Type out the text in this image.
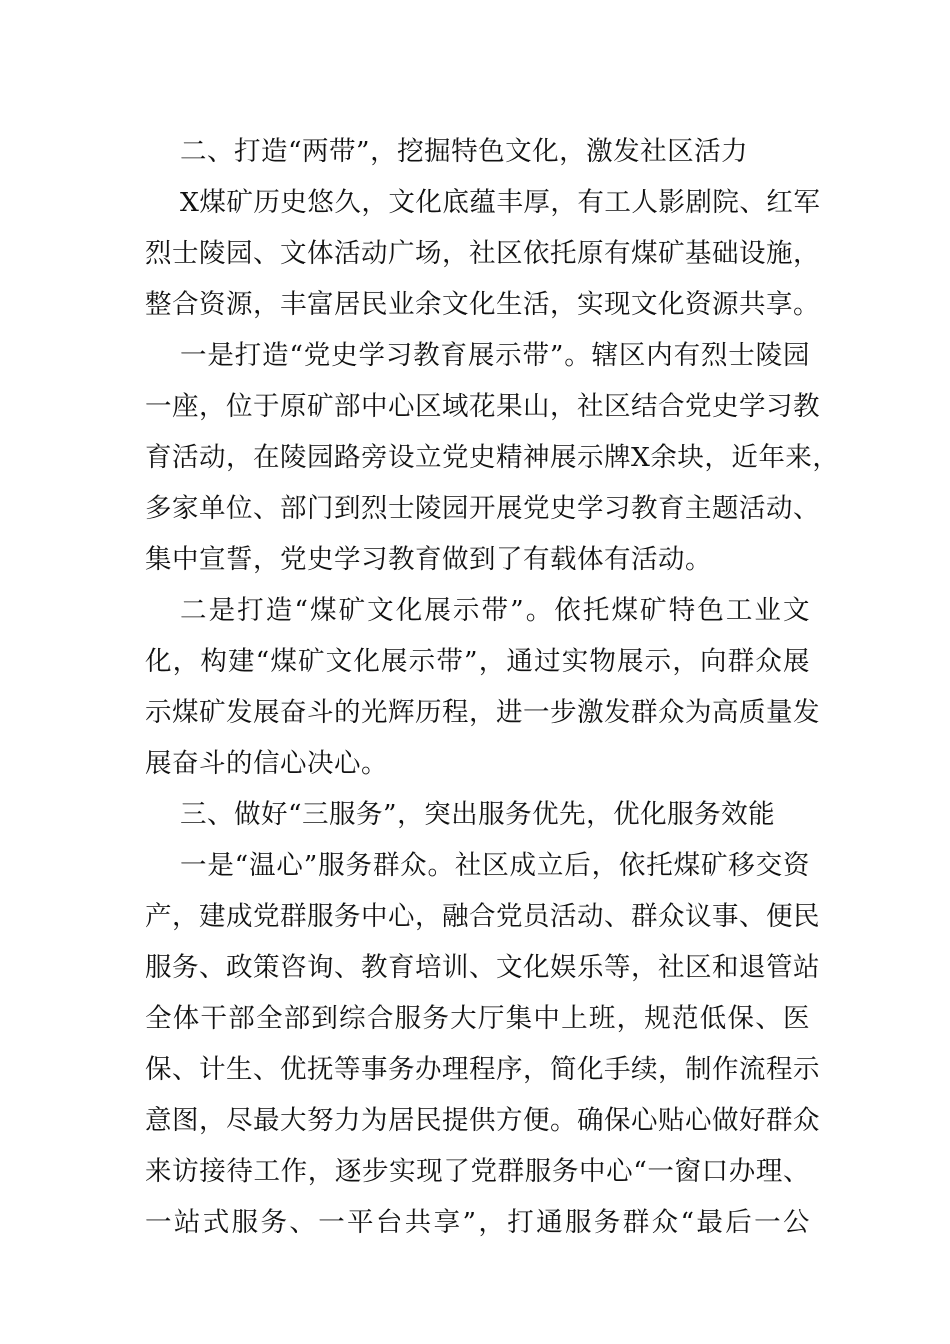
二、打造“两带”，挖掘特色文化，激发社区活力
X煤矿历史悠久，文化底蕴丰厚，有工人影剧院、红军
烈士陵园、文体活动广场，社区依托原有煤矿基础设施，
整合资源，丰富居民业余文化生活，实现文化资源共享。
一是打造“党史学习教育展示带”。辖区内有烈士陵园
一座，位于原矿部中心区域花果山，社区结合党史学习教
育活动，在陵园路旁设立党史精神展示牌X余块，近年来，
多家单位、部门到烈士陵园开展党史学习教育主题活动、
集中宣誓，党史学习教育做到了有载体有活动。
二是打造“煤矿文化展示带”。依托煤矿特色工业文
化，构建“煤矿文化展示带”，通过实物展示，向群众展
示煤矿发展奋斗的光辉历程，进一步激发群众为高质量发
展奋斗的信心决心。
三、做好“三服务”，突出服务优先，优化服务效能
一是“温心”服务群众。社区成立后，依托煤矿移交资
产，建成党群服务中心，融合党员活动、群众议事、便民
服务、政策咨询、教育培训、文化娱乐等，社区和退管站
全体干部全部到综合服务大厅集中上班，规范低保、医
保、计生、优抚等事务办理程序，简化手续，制作流程示
意图，尽最大努力为居民提供方便。确保心贴心做好群众
来访接待工作，逐步实现了党群服务中心“一窗口办理、
一站式服务、一平台共享”，打通服务群众“最后一公
